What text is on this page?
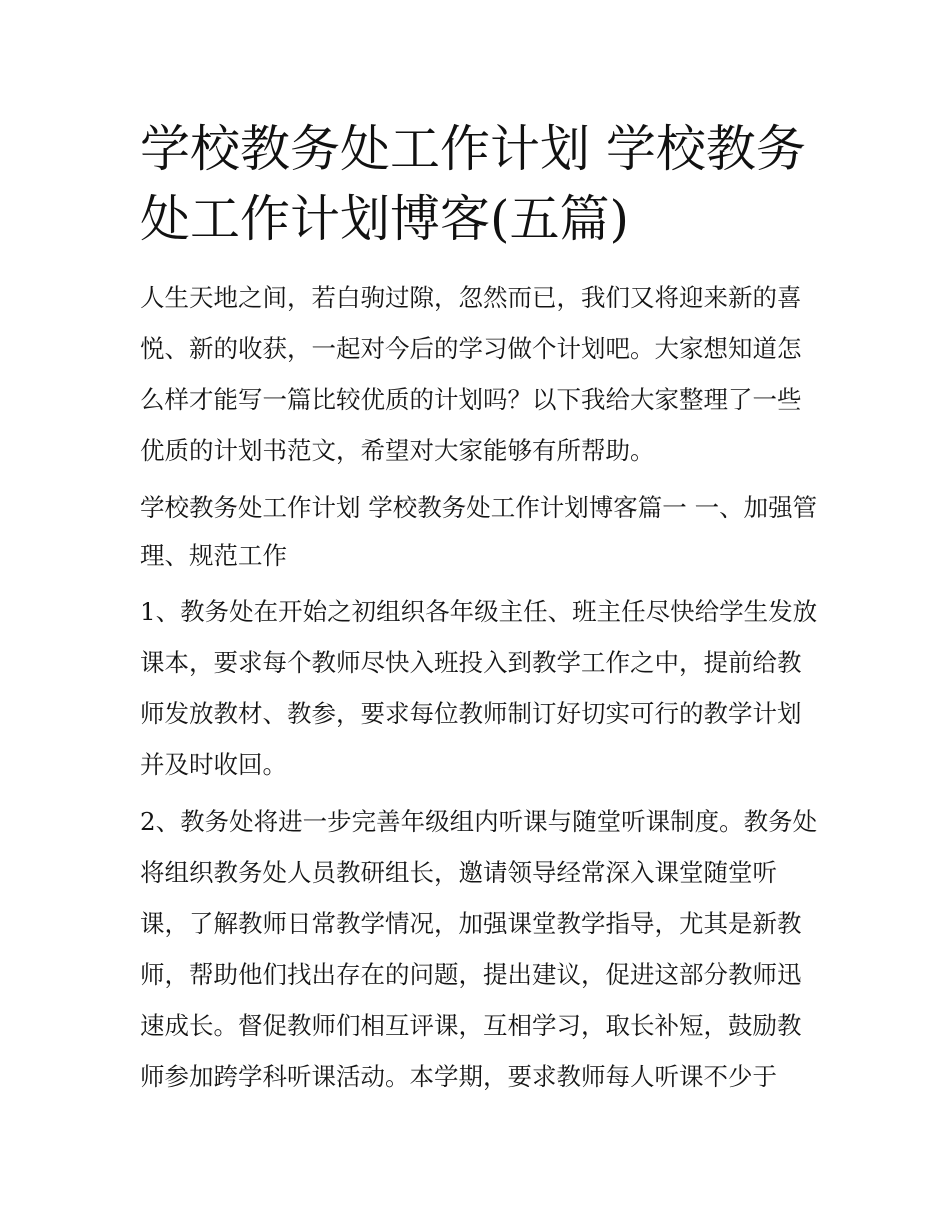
学校教务处工作计划 学校教务处工作计划博客(五篇)

人生天地之间，若白驹过隙，忽然而已，我们又将迎来新的喜悦、新的收获，一起对今后的学习做个计划吧。大家想知道怎么样才能写一篇比较优质的计划吗？以下我给大家整理了一些优质的计划书范文，希望对大家能够有所帮助。

学校教务处工作计划 学校教务处工作计划博客篇一 一、加强管理、规范工作

1、教务处在开始之初组织各年级主任、班主任尽快给学生发放课本，要求每个教师尽快入班投入到教学工作之中，提前给教师发放教材、教参，要求每位教师制订好切实可行的教学计划并及时收回。

2、教务处将进一步完善年级组内听课与随堂听课制度。教务处将组织教务处人员教研组长，邀请领导经常深入课堂随堂听课，了解教师日常教学情况，加强课堂教学指导，尤其是新教师，帮助他们找出存在的问题，提出建议，促进这部分教师迅速成长。督促教师们相互评课，互相学习，取长补短，鼓励教师参加跨学科听课活动。本学期，要求教师每人听课不少于
